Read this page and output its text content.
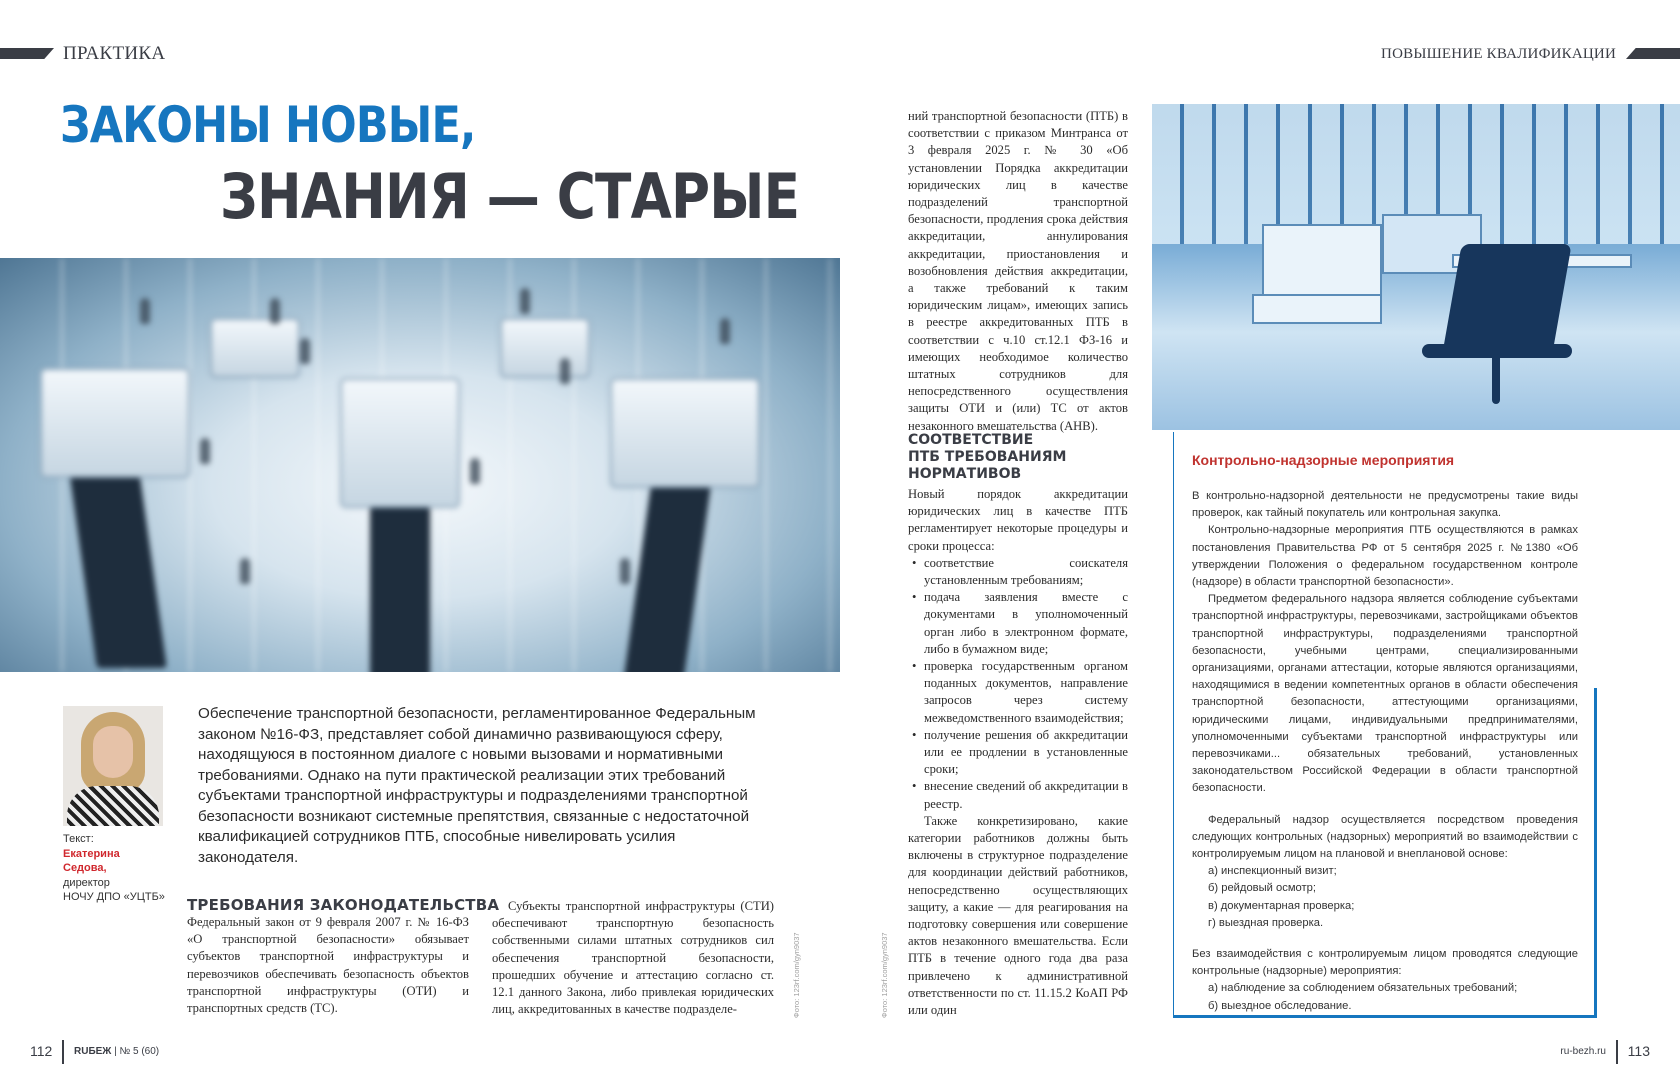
ПРАКТИКА	ПОВЫШЕНИЕ КВАЛИФИКАЦИИ
ЗАКОНЫ НОВЫЕ,
ЗНАНИЯ — СТАРЫЕ
Текст:

Екатерина
Седова,
директор
НОЧУ ДПО «УЦТБ»
Обеспечение транспортной безопасности, регламентированное Федеральным законом №16-ФЗ, представляет собой динамично развивающуюся сферу, находящуюся в постоянном диалоге с новыми вызовами и нормативными требованиями. Однако на пути практической реализации этих требований субъектами транспортной инфраструктуры и подразделениями транспортной безопасности возникают системные препятствия, связанные с недостаточной квалификацией сотрудников ПТБ, способные нивелировать усилия законодателя.
ТРЕБОВАНИЯ ЗАКОНОДАТЕЛЬСТВА

Федеральный закон от 9 февраля 2007 г. № 16-ФЗ «О транспортной безопасности» обязывает субъектов транспортной инфраструктуры и перевозчиков обеспечивать безопасность объектов транспортной инфраструктуры (ОТИ) и транспортных средств (ТС).

Субъекты транспортной инфраструктуры (СТИ) обеспечивают транспортную безопасность собственными силами штатных сотрудников сил обеспечения транспортной безопасности, прошедших обучение и аттестацию согласно ст. 12.1 данного Закона, либо привлекая юридических лиц, аккредитованных в качестве подразделе-	Фото: 123rf.com/gyn9037	Фото: 123rf.com/gyn9037

ний транспортной безопасности (ПТБ) в соответствии с приказом Минтранса от 3 февраля 2025 г. № 30 «Об установлении Порядка аккредитации юридических лиц в качестве подразделений транспортной безопасности, продления срока действия аккредитации, аннулирования аккредитации, приостановления и возобновления действия аккредитации, а также требований к таким юридическим лицам», имеющих запись в реестре аккредитованных ПТБ в соответствии с ч.10 ст.12.1 ФЗ-16 и имеющих необходимое количество штатных сотрудников для непосредственного осуществления защиты ОТИ и (или) ТС от актов незаконного вмешательства (АНВ).

СООТВЕТСТВИЕ
ПТБ ТРЕБОВАНИЯМ
НОРМАТИВОВ

Новый порядок аккредитации юридических лиц в качестве ПТБ регламентирует некоторые процедуры и сроки процесса:

• соответствие соискателя установленным требованиям;
• подача заявления вместе с документами в уполномоченный орган либо в электронном формате, либо в бумажном виде;
• проверка государственным органом поданных документов, направление запросов через систему межведомственного взаимодействия;
• получение решения об аккредитации или ее продлении в установленные сроки;
• внесение сведений об аккредитации в реестр.

Также конкретизировано, какие категории работников должны быть включены в структурное подразделение для координации действий работников, непосредственно осуществляющих защиту, а какие — для реагирования на подготовку совершения или совершение актов незаконного вмешательства. Если ПТБ в течение одного года два раза привлечено к административной ответственности по ст. 11.15.2 КоАП РФ или один

Контрольно-надзорные мероприятия

В контрольно-надзорной деятельности не предусмотрены такие виды проверок, как тайный покупатель или контрольная закупка.

Контрольно-надзорные мероприятия ПТБ осуществляются в рамках постановления Правительства РФ от 5 сентября 2025 г. №1380 «Об утверждении Положения о федеральном государственном контроле (надзоре) в области транспортной безопасности».

Предметом федерального надзора является соблюдение субъектами транспортной инфраструктуры, перевозчиками, застройщиками объектов транспортной инфраструктуры, подразделениями транспортной безопасности, учебными центрами, специализированными организациями, органами аттестации, которые являются организациями, находящимися в ведении компетентных органов в области обеспечения транспортной безопасности, аттестующими организациями, юридическими лицами, индивидуальными предпринимателями, уполномоченными субъектами транспортной инфраструктуры или перевозчиками... обязательных требований, установленных законодательством Российской Федерации в области транспортной безопасности.

Федеральный надзор осуществляется посредством проведения следующих контрольных (надзорных) мероприятий во взаимодействии с контролируемым лицом на плановой и внеплановой основе:

а) инспекционный визит;

б) рейдовый осмотр;

в) документарная проверка;

г) выездная проверка.

Без взаимодействия с контролируемым лицом проводятся следующие контрольные (надзорные) мероприятия:

а) наблюдение за соблюдением обязательных требований;

б) выездное обследование.

112 RUБЕЖ | № 5 (60)	ru-bezh.ru 113
